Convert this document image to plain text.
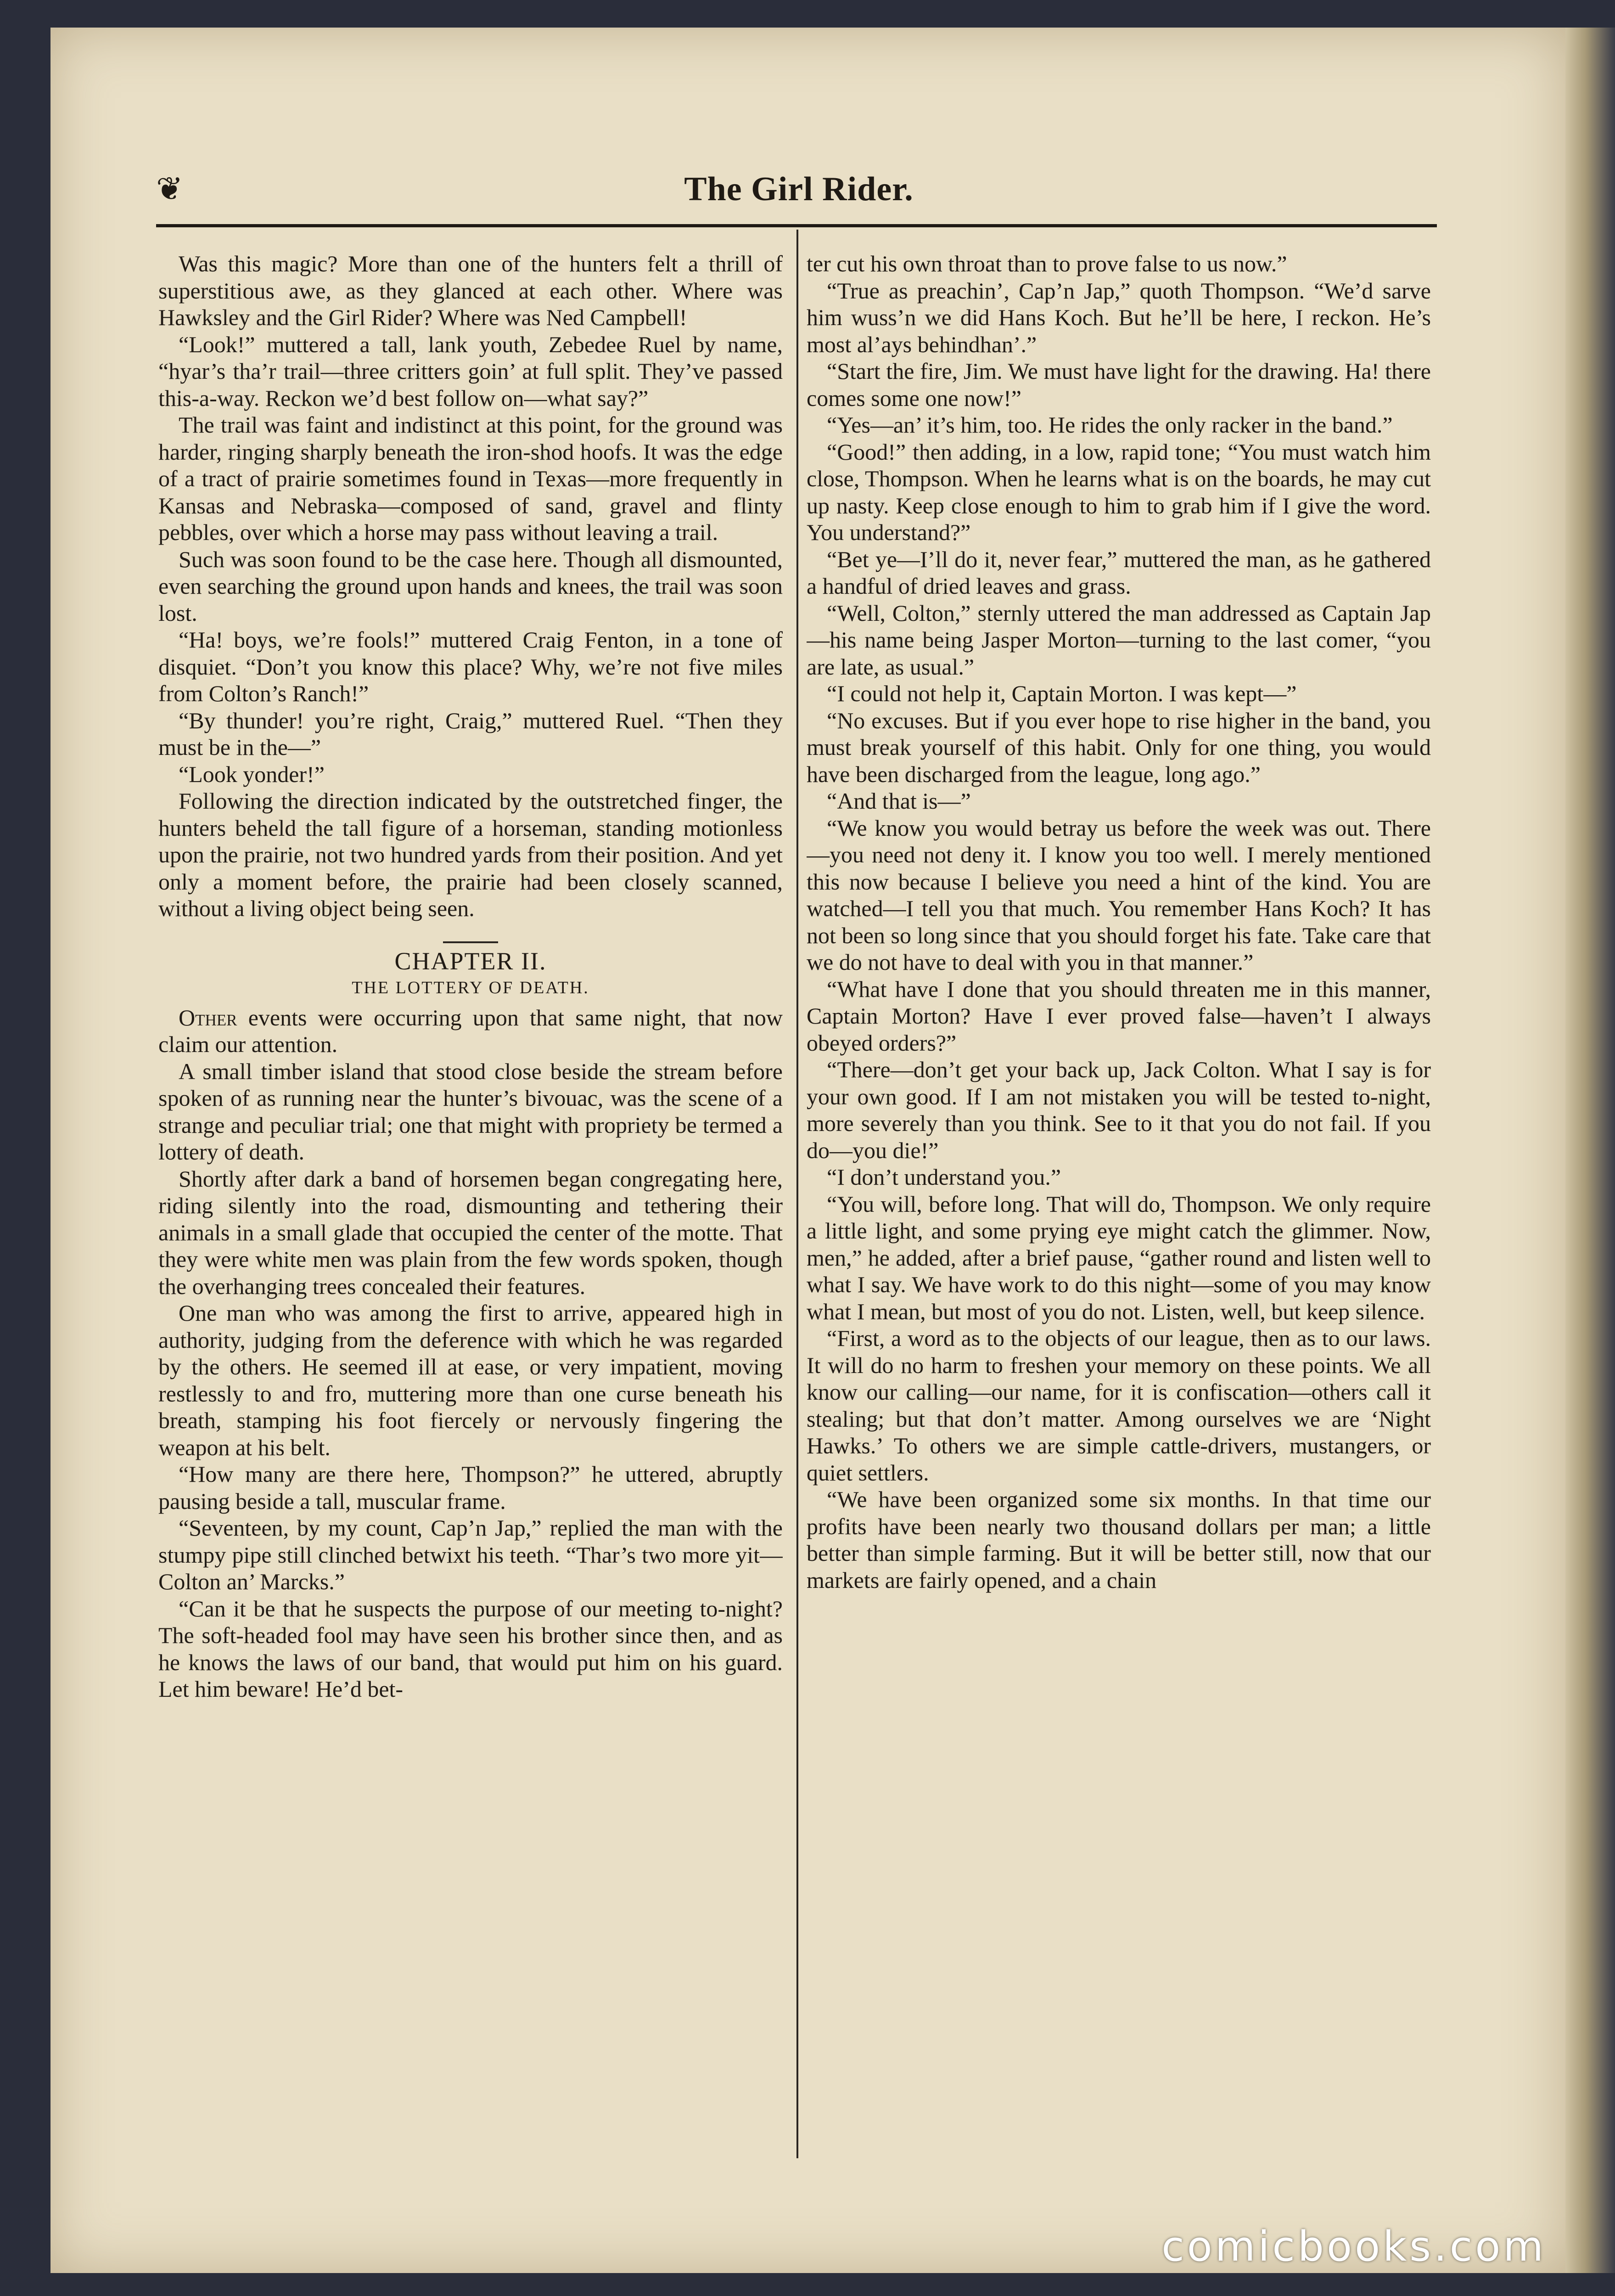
❦	The Girl Rider.

Was this magic? More than one of the hunters felt a thrill of superstitious awe, as they glanced at each other. Where was Hawksley and the Girl Rider? Where was Ned Campbell!

“Look!” muttered a tall, lank youth, Zebedee Ruel by name, “hyar’s tha’r trail—three critters goin’ at full split. They’ve passed this-a-way. Reckon we’d best follow on—what say?”

The trail was faint and indistinct at this point, for the ground was harder, ringing sharply beneath the iron-shod hoofs. It was the edge of a tract of prairie sometimes found in Texas—more frequently in Kansas and Nebraska—composed of sand, gravel and flinty pebbles, over which a horse may pass without leaving a trail.

Such was soon found to be the case here. Though all dismounted, even searching the ground upon hands and knees, the trail was soon lost.

“Ha! boys, we’re fools!” muttered Craig Fenton, in a tone of disquiet. “Don’t you know this place? Why, we’re not five miles from Colton’s Ranch!”

“By thunder! you’re right, Craig,” muttered Ruel. “Then they must be in the—”

“Look yonder!”

Following the direction indicated by the outstretched finger, the hunters beheld the tall figure of a horseman, standing motionless upon the prairie, not two hundred yards from their position. And yet only a moment before, the prairie had been closely scanned, without a living object being seen.

CHAPTER II.
THE LOTTERY OF DEATH.

Other events were occurring upon that same night, that now claim our attention.

A small timber island that stood close beside the stream before spoken of as running near the hunter’s bivouac, was the scene of a strange and peculiar trial; one that might with propriety be termed a lottery of death.

Shortly after dark a band of horsemen began congregating here, riding silently into the road, dismounting and tethering their animals in a small glade that occupied the center of the motte. That they were white men was plain from the few words spoken, though the overhanging trees concealed their features.

One man who was among the first to arrive, appeared high in authority, judging from the deference with which he was regarded by the others. He seemed ill at ease, or very impatient, moving restlessly to and fro, muttering more than one curse beneath his breath, stamping his foot fiercely or nervously fingering the weapon at his belt.

“How many are there here, Thompson?” he uttered, abruptly pausing beside a tall, muscular frame.

“Seventeen, by my count, Cap’n Jap,” replied the man with the stumpy pipe still clinched betwixt his teeth. “Thar’s two more yit—Colton an’ Marcks.”

“Can it be that he suspects the purpose of our meeting to-night? The soft-headed fool may have seen his brother since then, and as he knows the laws of our band, that would put him on his guard. Let him beware! He’d bet-

ter cut his own throat than to prove false to us now.”

“True as preachin’, Cap’n Jap,” quoth Thompson. “We’d sarve him wuss’n we did Hans Koch. But he’ll be here, I reckon. He’s most al’ays behindhan’.”

“Start the fire, Jim. We must have light for the drawing. Ha! there comes some one now!”

“Yes—an’ it’s him, too. He rides the only racker in the band.”

“Good!” then adding, in a low, rapid tone; “You must watch him close, Thompson. When he learns what is on the boards, he may cut up nasty. Keep close enough to him to grab him if I give the word. You understand?”

“Bet ye—I’ll do it, never fear,” muttered the man, as he gathered a handful of dried leaves and grass.

“Well, Colton,” sternly uttered the man addressed as Captain Jap—his name being Jasper Morton—turning to the last comer, “you are late, as usual.”

“I could not help it, Captain Morton. I was kept—”

“No excuses. But if you ever hope to rise higher in the band, you must break yourself of this habit. Only for one thing, you would have been discharged from the league, long ago.”

“And that is—”

“We know you would betray us before the week was out. There—you need not deny it. I know you too well. I merely mentioned this now because I believe you need a hint of the kind. You are watched—I tell you that much. You remember Hans Koch? It has not been so long since that you should forget his fate. Take care that we do not have to deal with you in that manner.”

“What have I done that you should threaten me in this manner, Captain Morton? Have I ever proved false—haven’t I always obeyed orders?”

“There—don’t get your back up, Jack Colton. What I say is for your own good. If I am not mistaken you will be tested to-night, more severely than you think. See to it that you do not fail. If you do—you die!”

“I don’t understand you.”

“You will, before long. That will do, Thompson. We only require a little light, and some prying eye might catch the glimmer. Now, men,” he added, after a brief pause, “gather round and listen well to what I say. We have work to do this night—some of you may know what I mean, but most of you do not. Listen, well, but keep silence.

“First, a word as to the objects of our league, then as to our laws. It will do no harm to freshen your memory on these points. We all know our calling—our name, for it is confiscation—others call it stealing; but that don’t matter. Among ourselves we are ‘Night Hawks.’ To others we are simple cattle-drivers, mustangers, or quiet settlers.

“We have been organized some six months. In that time our profits have been nearly two thousand dollars per man; a little better than simple farming. But it will be better still, now that our markets are fairly opened, and a chain

comicbooks.com
